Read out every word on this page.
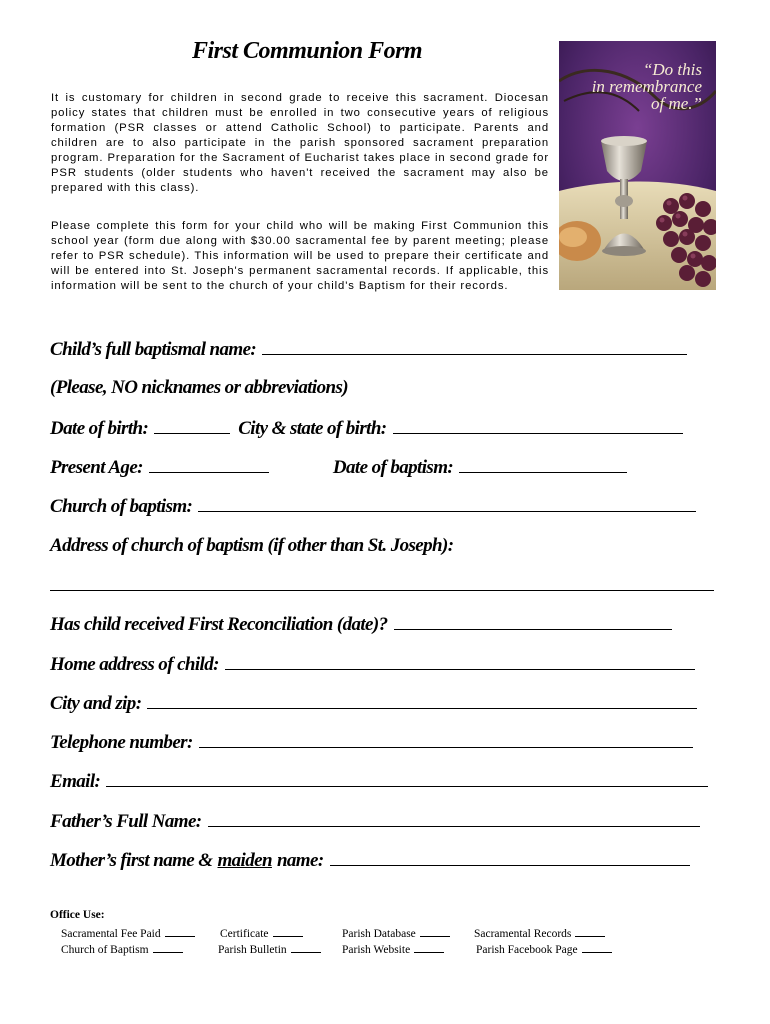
First Communion Form
It is customary for children in second grade to receive this sacrament. Diocesan policy states that children must be enrolled in two consecutive years of religious formation (PSR classes or attend Catholic School) to participate. Parents and children are to also participate in the parish sponsored sacrament preparation program. Preparation for the Sacrament of Eucharist takes place in second grade for PSR students (older students who haven't received the sacrament may also be prepared with this class).
Please complete this form for your child who will be making First Communion this school year (form due along with $30.00 sacramental fee by parent meeting; please refer to PSR schedule). This information will be used to prepare their certificate and will be entered into St. Joseph's permanent sacramental records. If applicable, this information will be sent to the church of your child's Baptism for their records.
“Do this
in remembrance
of me.”
Child’s full baptismal name:
(Please, NO nicknames or abbreviations)
Date of birth:	City & state of birth:
Present Age:	Date of baptism:
Church of baptism:
Address of church of baptism (if other than St. Joseph):
Has child received First Reconciliation (date)?
Home address of child:
City and zip:
Telephone number:
Email:
Father’s Full Name:
Mother’s first name & maiden name:
Office Use:
Sacramental Fee Paid	Certificate	Parish Database	Sacramental Records
Church of Baptism	Parish Bulletin	Parish Website	Parish Facebook Page
